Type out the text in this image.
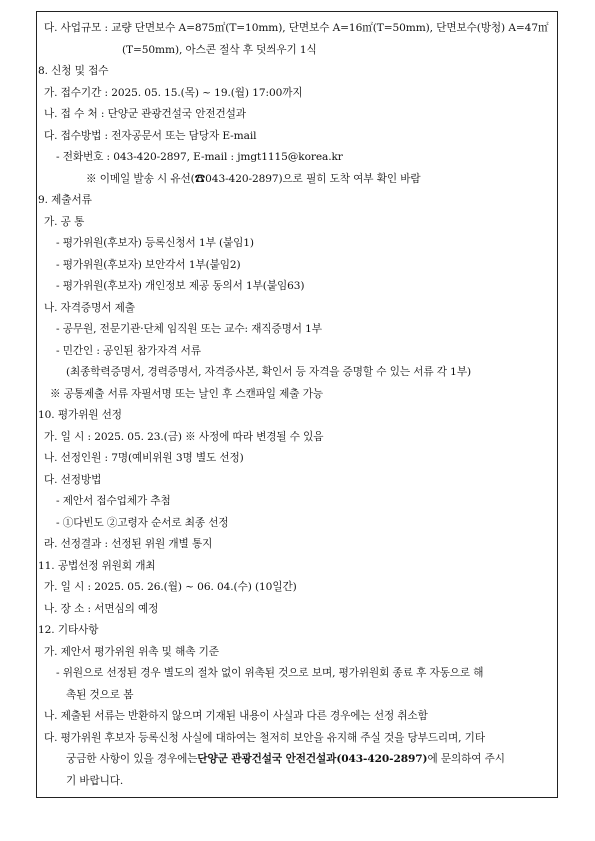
다. 사업규모 : 교량 단면보수 A=875㎡(T=10mm), 단면보수 A=16㎡(T=50mm), 단면보수(방청) A=47㎡
(T=50mm), 아스콘 절삭 후 덧씌우기 1식
8. 신청 및 접수
가. 접수기간 : 2025. 05. 15.(목) ~ 19.(월) 17:00까지
나. 접 수 처 : 단양군 관광건설국 안전건설과
다. 접수방법 : 전자공문서 또는 담당자 E-mail
- 전화번호 : 043-420-2897, E-mail : jmgt1115@korea.kr
※ 이메일 발송 시 유선(☎043-420-2897)으로 필히 도착 여부 확인 바람
9. 제출서류
가. 공 통
- 평가위원(후보자) 등록신청서 1부 (붙임1)
- 평가위원(후보자) 보안각서 1부(붙임2)
- 평가위원(후보자) 개인정보 제공 동의서 1부(붙임63)
나. 자격증명서 제출
- 공무원, 전문기관·단체 임직원 또는 교수: 재직증명서 1부
- 민간인 : 공인된 참가자격 서류
(최종학력증명서, 경력증명서, 자격증사본, 확인서 등 자격을 증명할 수 있는 서류 각 1부)
※ 공통제출 서류 자필서명 또는 날인 후 스캔파일 제출 가능
10. 평가위원 선정
가. 일 시 : 2025. 05. 23.(금) ※ 사정에 따라 변경될 수 있음
나. 선정인원 : 7명(예비위원 3명 별도 선정)
다. 선정방법
- 제안서 접수업체가 추첨
- ①다빈도 ②고령자 순서로 최종 선정
라. 선정결과 : 선정된 위원 개별 통지
11. 공법선정 위원회 개최
가. 일 시 : 2025. 05. 26.(월) ~ 06. 04.(수) (10일간)
나. 장 소 : 서면심의 예정
12. 기타사항
가. 제안서 평가위원 위촉 및 해촉 기준
- 위원으로 선정된 경우 별도의 절차 없이 위촉된 것으로 보며, 평가위원회 종료 후 자동으로 해
촉된 것으로 봄
나. 제출된 서류는 반환하지 않으며 기재된 내용이 사실과 다른 경우에는 선정 취소함
다. 평가위원 후보자 등록신청 사실에 대하여는 철저히 보안을 유지해 주실 것을 당부드리며, 기타
궁금한 사항이 있을 경우에는단양군 관광건설국 안전건설과(043-420-2897)에 문의하여 주시
기 바랍니다.
